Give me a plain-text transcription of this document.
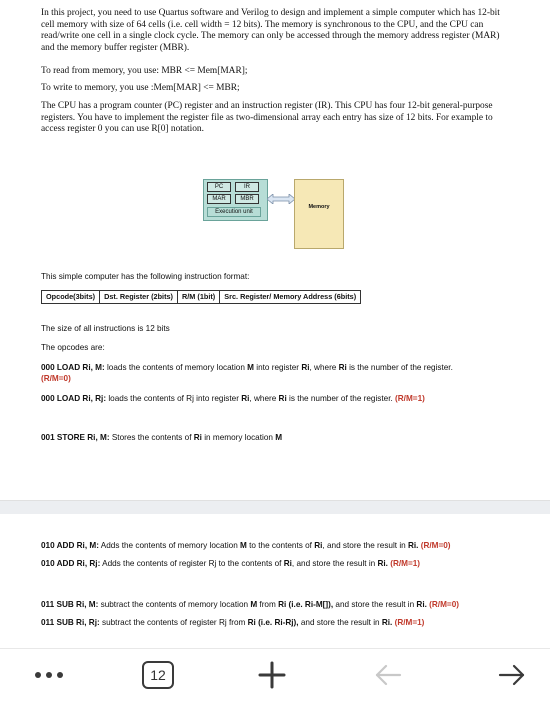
In this project, you need to use Quartus software and Verilog to design and implement a simple computer which has 12-bit cell memory with size of 64 cells (i.e. cell width = 12 bits). The memory is synchronous to the CPU, and the CPU can read/write one cell in a single clock cycle. The memory can only be accessed through the memory address register (MAR) and the memory buffer register (MBR).
To read from memory, you use: MBR <= Mem[MAR];
To write to memory, you use :Mem[MAR] <= MBR;
The CPU has a program counter (PC) register and an instruction register (IR). This CPU has four 12-bit general-purpose registers. You have to implement the register file as two-dimensional array each entry has size of 12 bits. For example to access register 0 you can use R[0] notation.
PC	IR
MAR	MBR
Execution unit
Memory
This simple computer has the following instruction format:
Opcode(3bits)	Dst. Register (2bits)	R/M (1bit)	Src. Register/ Memory Address (6bits)
The size of all instructions is 12 bits
The opcodes are:
000 LOAD Ri, M: loads the contents of memory location M into register Ri, where Ri is the number of the register.
(R/M=0)
000 LOAD Ri, Rj: loads the contents of Rj into register Ri, where Ri is the number of the register. (R/M=1)
001 STORE Ri, M: Stores the contents of Ri in memory location M
010 ADD Ri, M: Adds the contents of memory location M to the contents of Ri, and store the result in Ri. (R/M=0)
010 ADD Ri, Rj: Adds the contents of register Rj to the contents of Ri, and store the result in Ri. (R/M=1)
011 SUB Ri, M: subtract the contents of memory location M from Ri (i.e. Ri-M[]), and store the result in Ri. (R/M=0)
011 SUB Ri, Rj: subtract the contents of register Rj from Ri (i.e. Ri-Rj), and store the result in Ri. (R/M=1)
12
